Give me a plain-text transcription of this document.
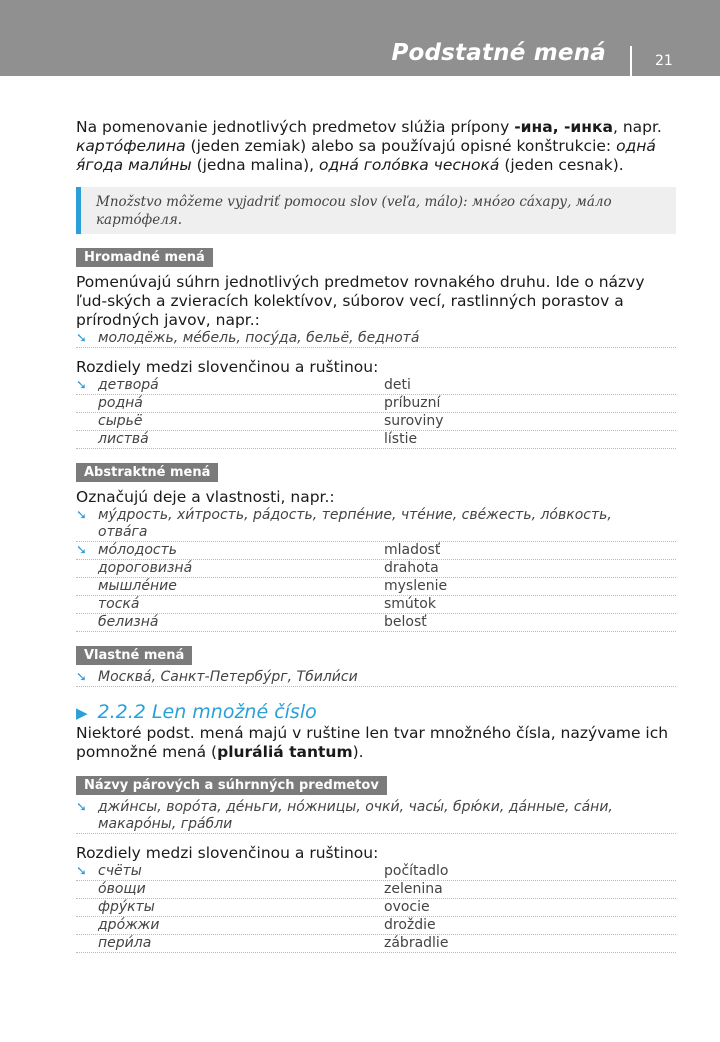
Podstatné mená	21

Na pomenovanie jednotlivých predmetov slúžia prípony -ина, -инка, napr. картóфелина (jeden zemiak) alebo sa používajú opisné konštrukcie: однá я́года мали́ны (jedna malina), однá голóвка чеснокá (jeden cesnak).

Množstvo môžeme vyjadriť pomocou slov (veľa, málo): мнóго сáхару, мáло картóфеля.
Hromadné mená

Pomenúvajú súhrn jednotlivých predmetov rovnakého druhu. Ide o názvy ľud-ských a zvieracích kolektívov, súborov vecí, rastlinných porastov a prírodných javov, napr.:

➘ молодёжь, мéбель, посýда, бельё, беднотá
Rozdiely medzi slovenčinou a ruštinou:
➘ детворá	deti
роднá	príbuzní
сырьё	suroviny
листвá	lístie
Abstraktné mená

Označujú deje a vlastnosti, napr.:

➘ мýдрость, хи́трость, рáдость, терпéние, чтéние, свéжесть, лóвкость, отвáга
➘ мóлодость	mladosť
дороговизнá	drahota
мышлéние	myslenie
тоскá	smútok
белизнá	belosť
Vlastné mená
➘ Москвá, Санкт-Петербýрг, Тбили́си
▶ 2.2.2 Len množné číslo

Niektoré podst. mená majú v ruštine len tvar množného čísla, nazývame ich pomnožné mená (pluráliá tantum).

Názvy párových a súhrnných predmetov
➘ джи́нсы, ворóта, дéньги, нóжницы, очки́, часы́, брю́ки, дáнные, сáни, макарóны, грáбли
Rozdiely medzi slovenčinou a ruštinou:
➘ счёты	počítadlo
óвощи	zelenina
фрýкты	ovocie
дрóжжи	droždie
пери́ла	zábradlie
